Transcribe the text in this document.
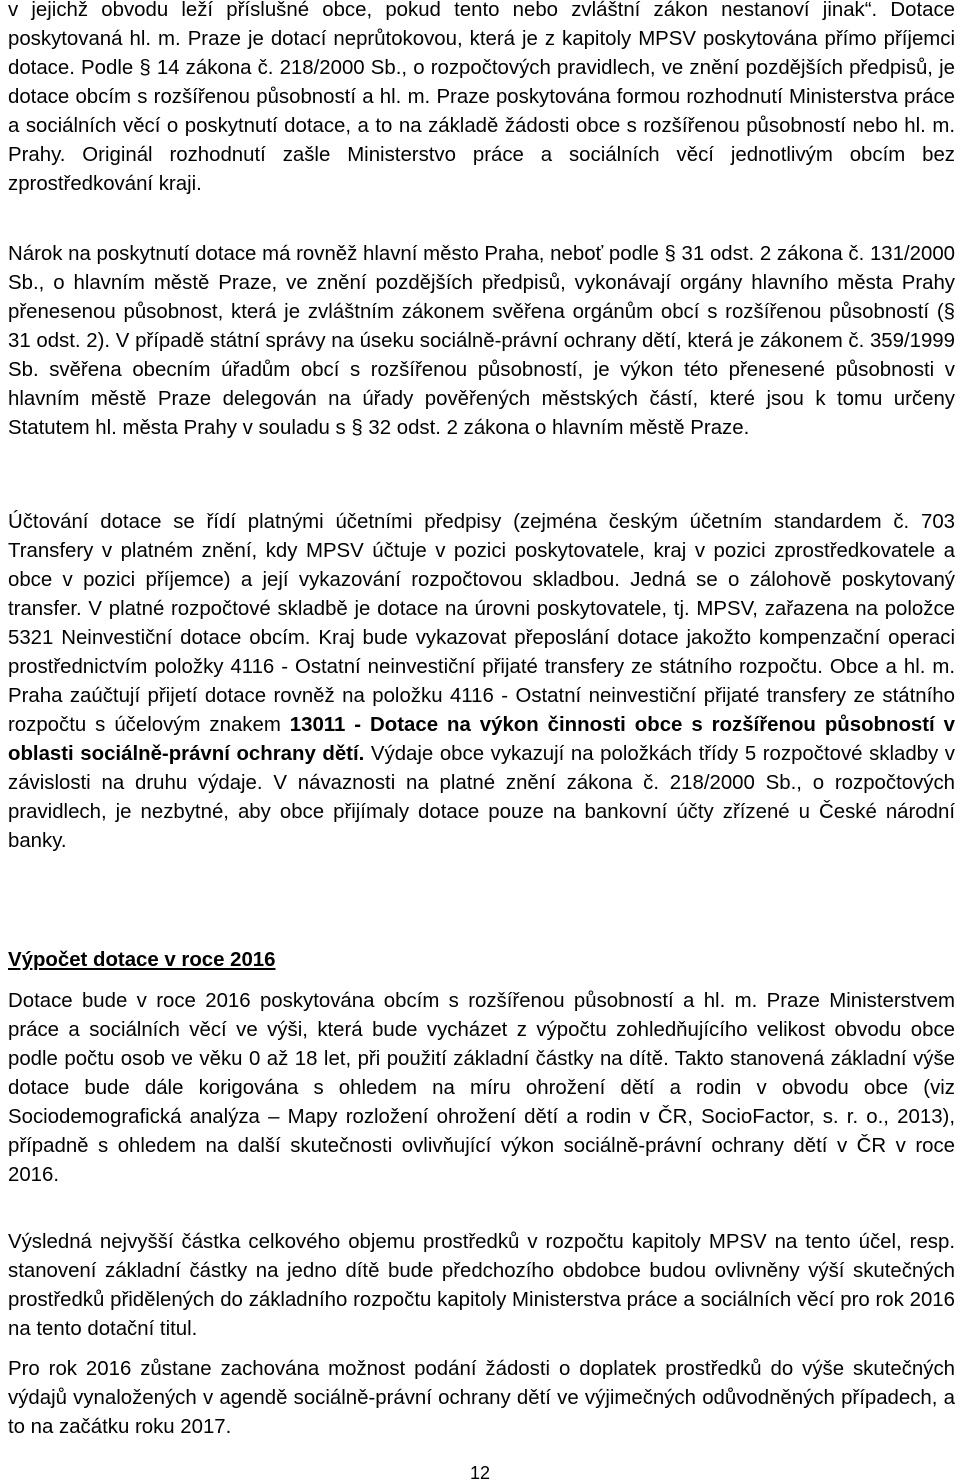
v jejichž obvodu leží příslušné obce, pokud tento nebo zvláštní zákon nestanoví jinak“. Dotace poskytovaná hl. m. Praze je dotací neprůtokovou, která je z kapitoly MPSV poskytována přímo příjemci dotace. Podle § 14 zákona č. 218/2000 Sb., o rozpočtových pravidlech, ve znění pozdějších předpisů, je dotace obcím s rozšířenou působností a hl. m. Praze poskytována formou rozhodnutí Ministerstva práce a sociálních věcí o poskytnutí dotace, a to na základě žádosti obce s rozšířenou působností nebo hl. m. Prahy. Originál rozhodnutí zašle Ministerstvo práce a sociálních věcí jednotlivým obcím bez zprostředkování kraji.

Nárok na poskytnutí dotace má rovněž hlavní město Praha, neboť podle § 31 odst. 2 zákona č. 131/2000 Sb., o hlavním městě Praze, ve znění pozdějších předpisů, vykonávají orgány hlavního města Prahy přenesenou působnost, která je zvláštním zákonem svěřena orgánům obcí s rozšířenou působností (§ 31 odst. 2). V případě státní správy na úseku sociálně-právní ochrany dětí, která je zákonem č. 359/1999 Sb. svěřena obecním úřadům obcí s rozšířenou působností, je výkon této přenesené působnosti v hlavním městě Praze delegován na úřady pověřených městských částí, které jsou k tomu určeny Statutem hl. města Prahy v souladu s § 32 odst. 2 zákona o hlavním městě Praze.

Účtování dotace se řídí platnými účetními předpisy (zejména českým účetním standardem č. 703 Transfery v platném znění, kdy MPSV účtuje v pozici poskytovatele, kraj v pozici zprostředkovatele a obce v pozici příjemce) a její vykazování rozpočtovou skladbou. Jedná se o zálohově poskytovaný transfer. V platné rozpočtové skladbě je dotace na úrovni poskytovatele, tj. MPSV, zařazena na položce 5321 Neinvestiční dotace obcím. Kraj bude vykazovat přeposlání dotace jakožto kompenzační operaci prostřednictvím položky 4116 - Ostatní neinvestiční přijaté transfery ze státního rozpočtu. Obce a hl. m. Praha zaúčtují přijetí dotace rovněž na položku 4116 - Ostatní neinvestiční přijaté transfery ze státního rozpočtu s účelovým znakem 13011 - Dotace na výkon činnosti obce s rozšířenou působností v oblasti sociálně-právní ochrany dětí. Výdaje obce vykazují na položkách třídy 5 rozpočtové skladby v závislosti na druhu výdaje. V návaznosti na platné znění zákona č. 218/2000 Sb., o rozpočtových pravidlech, je nezbytné, aby obce přijímaly dotace pouze na bankovní účty zřízené u České národní banky.

Výpočet dotace v roce 2016

Dotace bude v roce 2016 poskytována obcím s rozšířenou působností a hl. m. Praze Ministerstvem práce a sociálních věcí ve výši, která bude vycházet z výpočtu zohledňujícího velikost obvodu obce podle počtu osob ve věku 0 až 18 let, při použití základní částky na dítě. Takto stanovená základní výše dotace bude dále korigována s ohledem na míru ohrožení dětí a rodin v obvodu obce (viz Sociodemografická analýza – Mapy rozložení ohrožení dětí a rodin v ČR, SocioFactor, s. r. o., 2013), případně s ohledem na další skutečnosti ovlivňující výkon sociálně-právní ochrany dětí v ČR v roce 2016.

Výsledná nejvyšší částka celkového objemu prostředků v rozpočtu kapitoly MPSV na tento účel, resp. stanovení základní částky na jedno dítě bude předchozího obdobce budou ovlivněny výší skutečných prostředků přidělených do základního rozpočtu kapitoly Ministerstva práce a sociálních věcí pro rok 2016 na tento dotační titul.

Pro rok 2016 zůstane zachována možnost podání žádosti o doplatek prostředků do výše skutečných výdajů vynaložených v agendě sociálně-právní ochrany dětí ve výjimečných odůvodněných případech, a to na začátku roku 2017.

12
